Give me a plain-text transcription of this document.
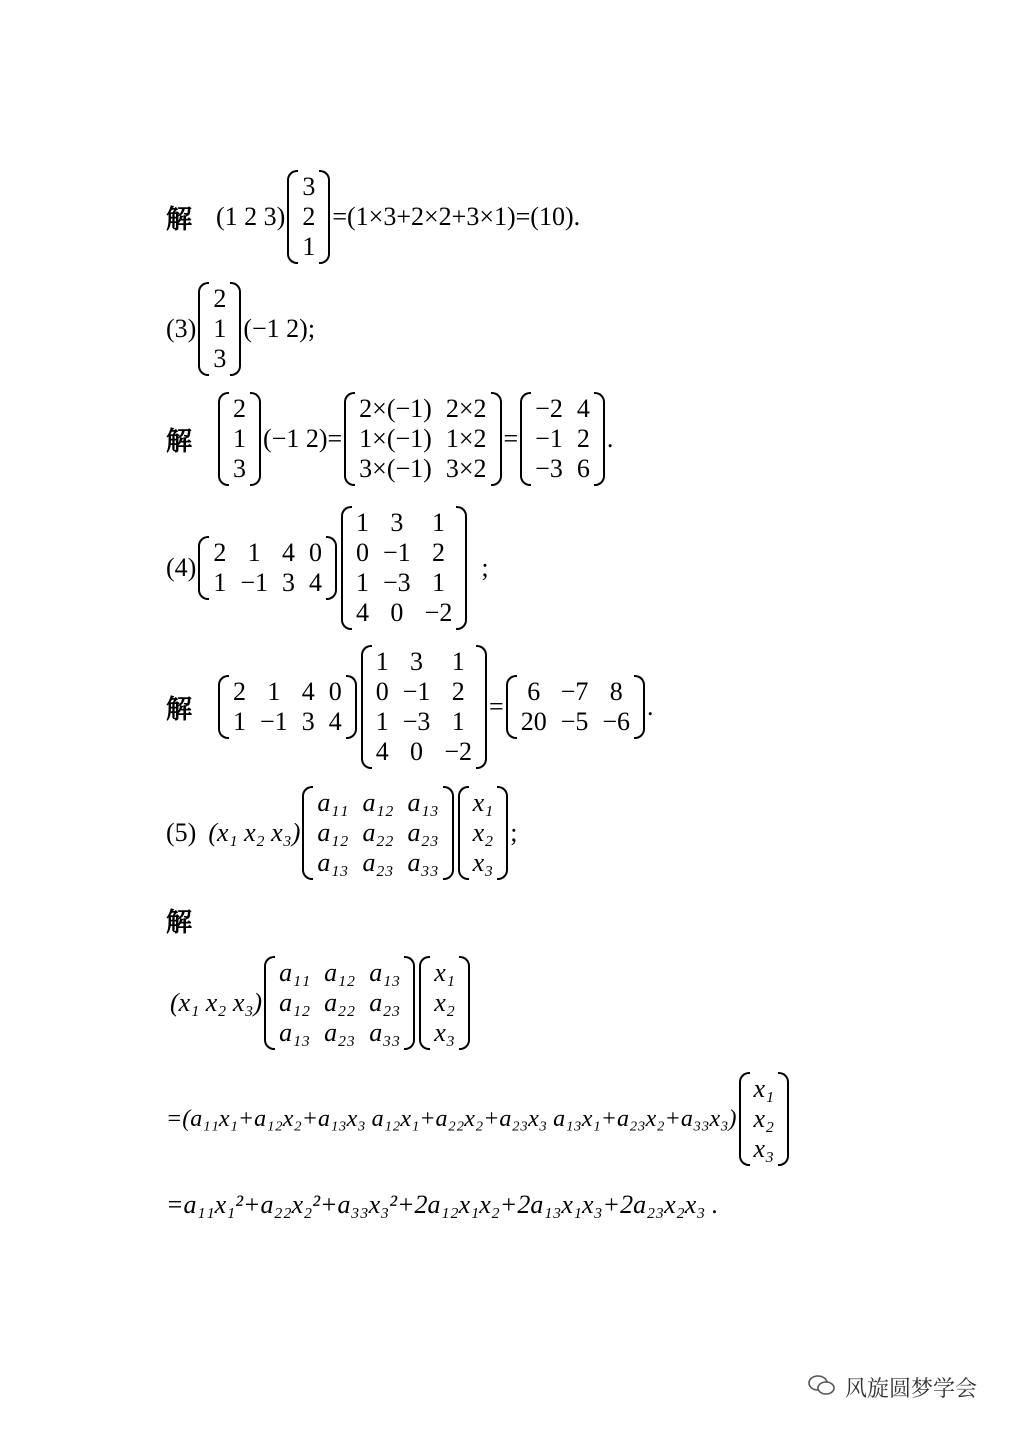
解 (1 2 3)
3
2
1
=(1×3+2×2+3×1)=(10).
(3)
2
1
3
(−1 2) ;
解
2
1
3
(−1 2) =
2×(−1) 2×2
1×(−1) 1×2
3×(−1) 3×2
=
−2 4
−1 2
−3 6
.
(4)
2 1 4 0
1 −1 3 4
1 3 1
0 −1 2
1 −3 1
4 0 −2
;
解
2 1 4 0
1 −1 3 4
1 3 1
0 −1 2
1 −3 1
4 0 −2
=
6 −7 8
20 −5 −6
.
(5) (x₁ x₂ x₃)
a₁₁ a₁₂ a₁₃
a₁₂ a₂₂ a₂₃
a₁₃ a₂₃ a₃₃
x₁
x₂
x₃
;
解
(x₁ x₂ x₃)
a₁₁ a₁₂ a₁₃
a₁₂ a₂₂ a₂₃
a₁₃ a₂₃ a₃₃
x₁
x₂
x₃
=(a₁₁x₁+a₁₂x₂+a₁₃x₃ a₁₂x₁+a₂₂x₂+a₂₃x₃ a₁₃x₁+a₂₃x₂+a₃₃x₃)
x₁
x₂
x₃
=a₁₁x₁²+a₂₂x₂²+a₃₃x₃²+2a₁₂x₁x₂+2a₁₃x₁x₃+2a₂₃x₂x₃ .
风旋圆梦学会
